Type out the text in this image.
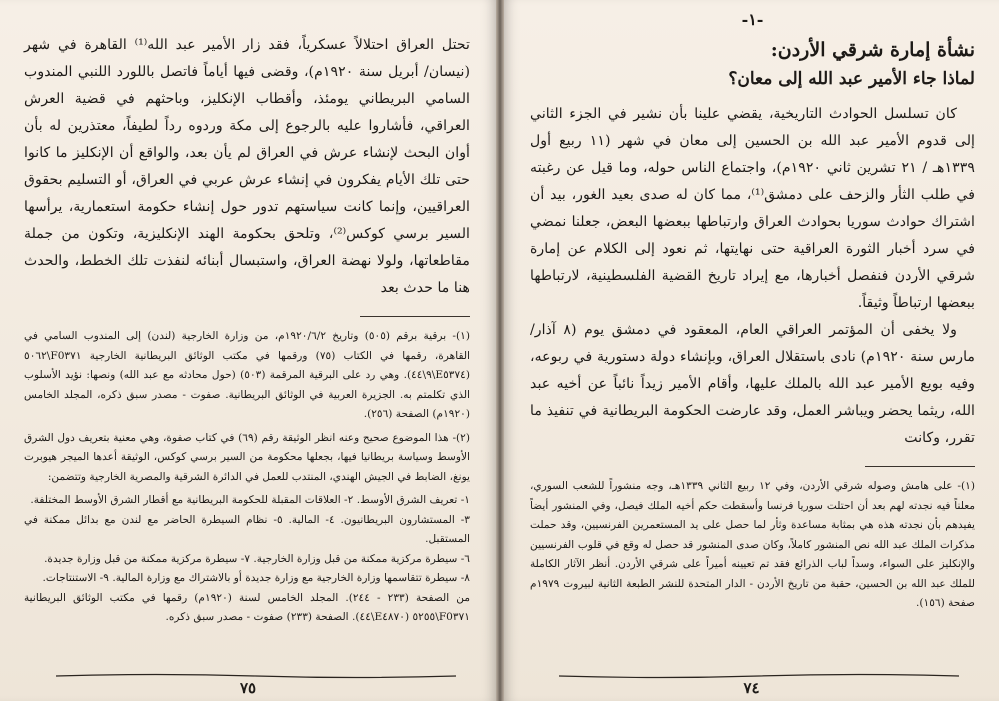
تحتل العراق احتلالاً عسكرياً، فقد زار الأمير عبد الله⁽¹⁾ القاهرة في شهر (نيسان/ أبريل سنة ١٩٢٠م)، وقضى فيها أياماً فاتصل باللورد اللنبي المندوب السامي البريطاني يومئذ، وأقطاب الإنكليز، وباحثهم في قضية العرش العراقي، فأشاروا عليه بالرجوع إلى مكة وردوه رداً لطيفاً، معتذرين له بأن أوان البحث لإنشاء عرش في العراق لم يأن بعد، والواقع أن الإنكليز ما كانوا حتى تلك الأيام يفكرون في إنشاء عرش عربي في العراق، أو التسليم بحقوق العراقيين، وإنما كانت سياستهم تدور حول إنشاء حكومة استعمارية، يرأسها السير برسي كوكس⁽²⁾، وتلحق بحكومة الهند الإنكليزية، وتكون من جملة مقاطعاتها، ولولا نهضة العراق، واستبسال أبنائه لنفذت تلك الخطط، والحدث هنا ما حدث بعد

(١)- برقية برقم (٥٠٥) وتاريخ ١٩٢٠/٦/٢م، من وزارة الخارجية (لندن) إلى المندوب السامي في القاهرة، رقمها في الكتاب (٧٥) ورقمها في مكتب الوثائق البريطانية الخارجية F0٣٧١\٥٠٦٢ (E٥٣٧٤\٩\٤٤). وهي رد على البرقية المرقمة (٥٠٣) (حول محادثه مع عبد الله) ونصها: نؤيد الأسلوب الذي تكلمتم به. الجزيرة العربية في الوثائق البريطانية. صفوت - مصدر سبق ذكره، المجلد الخامس (١٩٢٠م) الصفحة (٢٥٦).

(٢)- هذا الموضوع صحيح وعنه انظر الوثيقة رقم (٦٩) في كتاب صفوة، وهي معنية بتعريف دول الشرق الأوسط وسياسة بريطانيا فيها، بجعلها محكومة من السير برسي كوكس، الوثيقة أعدها الميجر هيوبرت يونغ، الضابط في الجيش الهندي، المنتدب للعمل في الدائرة الشرقية والمصرية الخارجية وتتضمن:

١- تعريف الشرق الأوسط. ٢- العلاقات المقبلة للحكومة البريطانية مع أقطار الشرق الأوسط المختلفة.

٣- المستشارون البريطانيون. ٤- المالية. ٥- نظام السيطرة الحاضر مع لندن مع بدائل ممكنة في المستقبل.

٦- سيطرة مركزية ممكنة من قبل وزارة الخارجية. ٧- سيطرة مركزية ممكنة من قبل وزارة جديدة.

٨- سيطرة تتقاسمها وزارة الخارجية مع وزارة جديدة أو بالاشتراك مع وزارة المالية. ٩- الاستنتاجات.

من الصفحة (٢٣٣ - ٢٤٤). المجلد الخامس لسنة (١٩٢٠م) رقمها في مكتب الوثائق البريطانية F0٣٧١\٥٢٥٥ (E٤٨٧٠\٤٤). الصفحة (٢٣٣) صفوت - مصدر سبق ذكره.

٧٥
-١-
نشأة إمارة شرقي الأردن:
لماذا جاء الأمير عبد الله إلى معان؟

كان تسلسل الحوادث التاريخية، يقضي علينا بأن نشير في الجزء الثاني إلى قدوم الأمير عبد الله بن الحسين إلى معان في شهر (١١ ربيع أول ١٣٣٩هـ / ٢١ تشرين ثاني ١٩٢٠م)، واجتماع الناس حوله، وما قيل عن رغبته في طلب الثأر والزحف على دمشق⁽¹⁾، مما كان له صدى بعيد الغور، بيد أن اشتراك حوادث سوريا بحوادث العراق وارتباطها ببعضها البعض، جعلنا نمضي في سرد أخبار الثورة العراقية حتى نهايتها، ثم نعود إلى الكلام عن إمارة شرقي الأردن فنفصل أخبارها، مع إيراد تاريخ القضية الفلسطينية، لارتباطها ببعضها ارتباطاً وثيقاً.

ولا يخفى أن المؤتمر العراقي العام، المعقود في دمشق يوم (٨ آذار/ مارس سنة ١٩٢٠م) نادى باستقلال العراق، وبإنشاء دولة دستورية في ربوعه، وفيه بويع الأمير عبد الله بالملك عليها، وأقام الأمير زيداً نائباً عن أخيه عبد الله، ريثما يحضر ويباشر العمل، وقد عارضت الحكومة البريطانية في تنفيذ ما تقرر، وكانت

(١)- على هامش وصوله شرقي الأردن، وفي ١٢ ربيع الثاني ١٣٣٩هـ، وجه منشوراً للشعب السوري، معلناً فيه نجدته لهم بعد أن احتلت سوريا فرنسا وأسقطت حكم أخيه الملك فيصل، وفي المنشور أيضاً يفيدهم بأن نجدته هذه هي بمثابة مساعدة وثأر لما حصل على يد المستعمرين الفرنسيين، وقد حملت مذكرات الملك عبد الله نص المنشور كاملاً، وكان صدى المنشور قد حصل له وقع في قلوب الفرنسيين والإنكليز على السواء، وسداً لباب الذرائع فقد تم تعيينه أميراً على شرقي الأردن. أنظر الآثار الكاملة للملك عبد الله بن الحسين، حقبة من تاريخ الأردن - الدار المتحدة للنشر الطبعة الثانية لبيروت ١٩٧٩م صفحة (١٥٦).

٧٤
